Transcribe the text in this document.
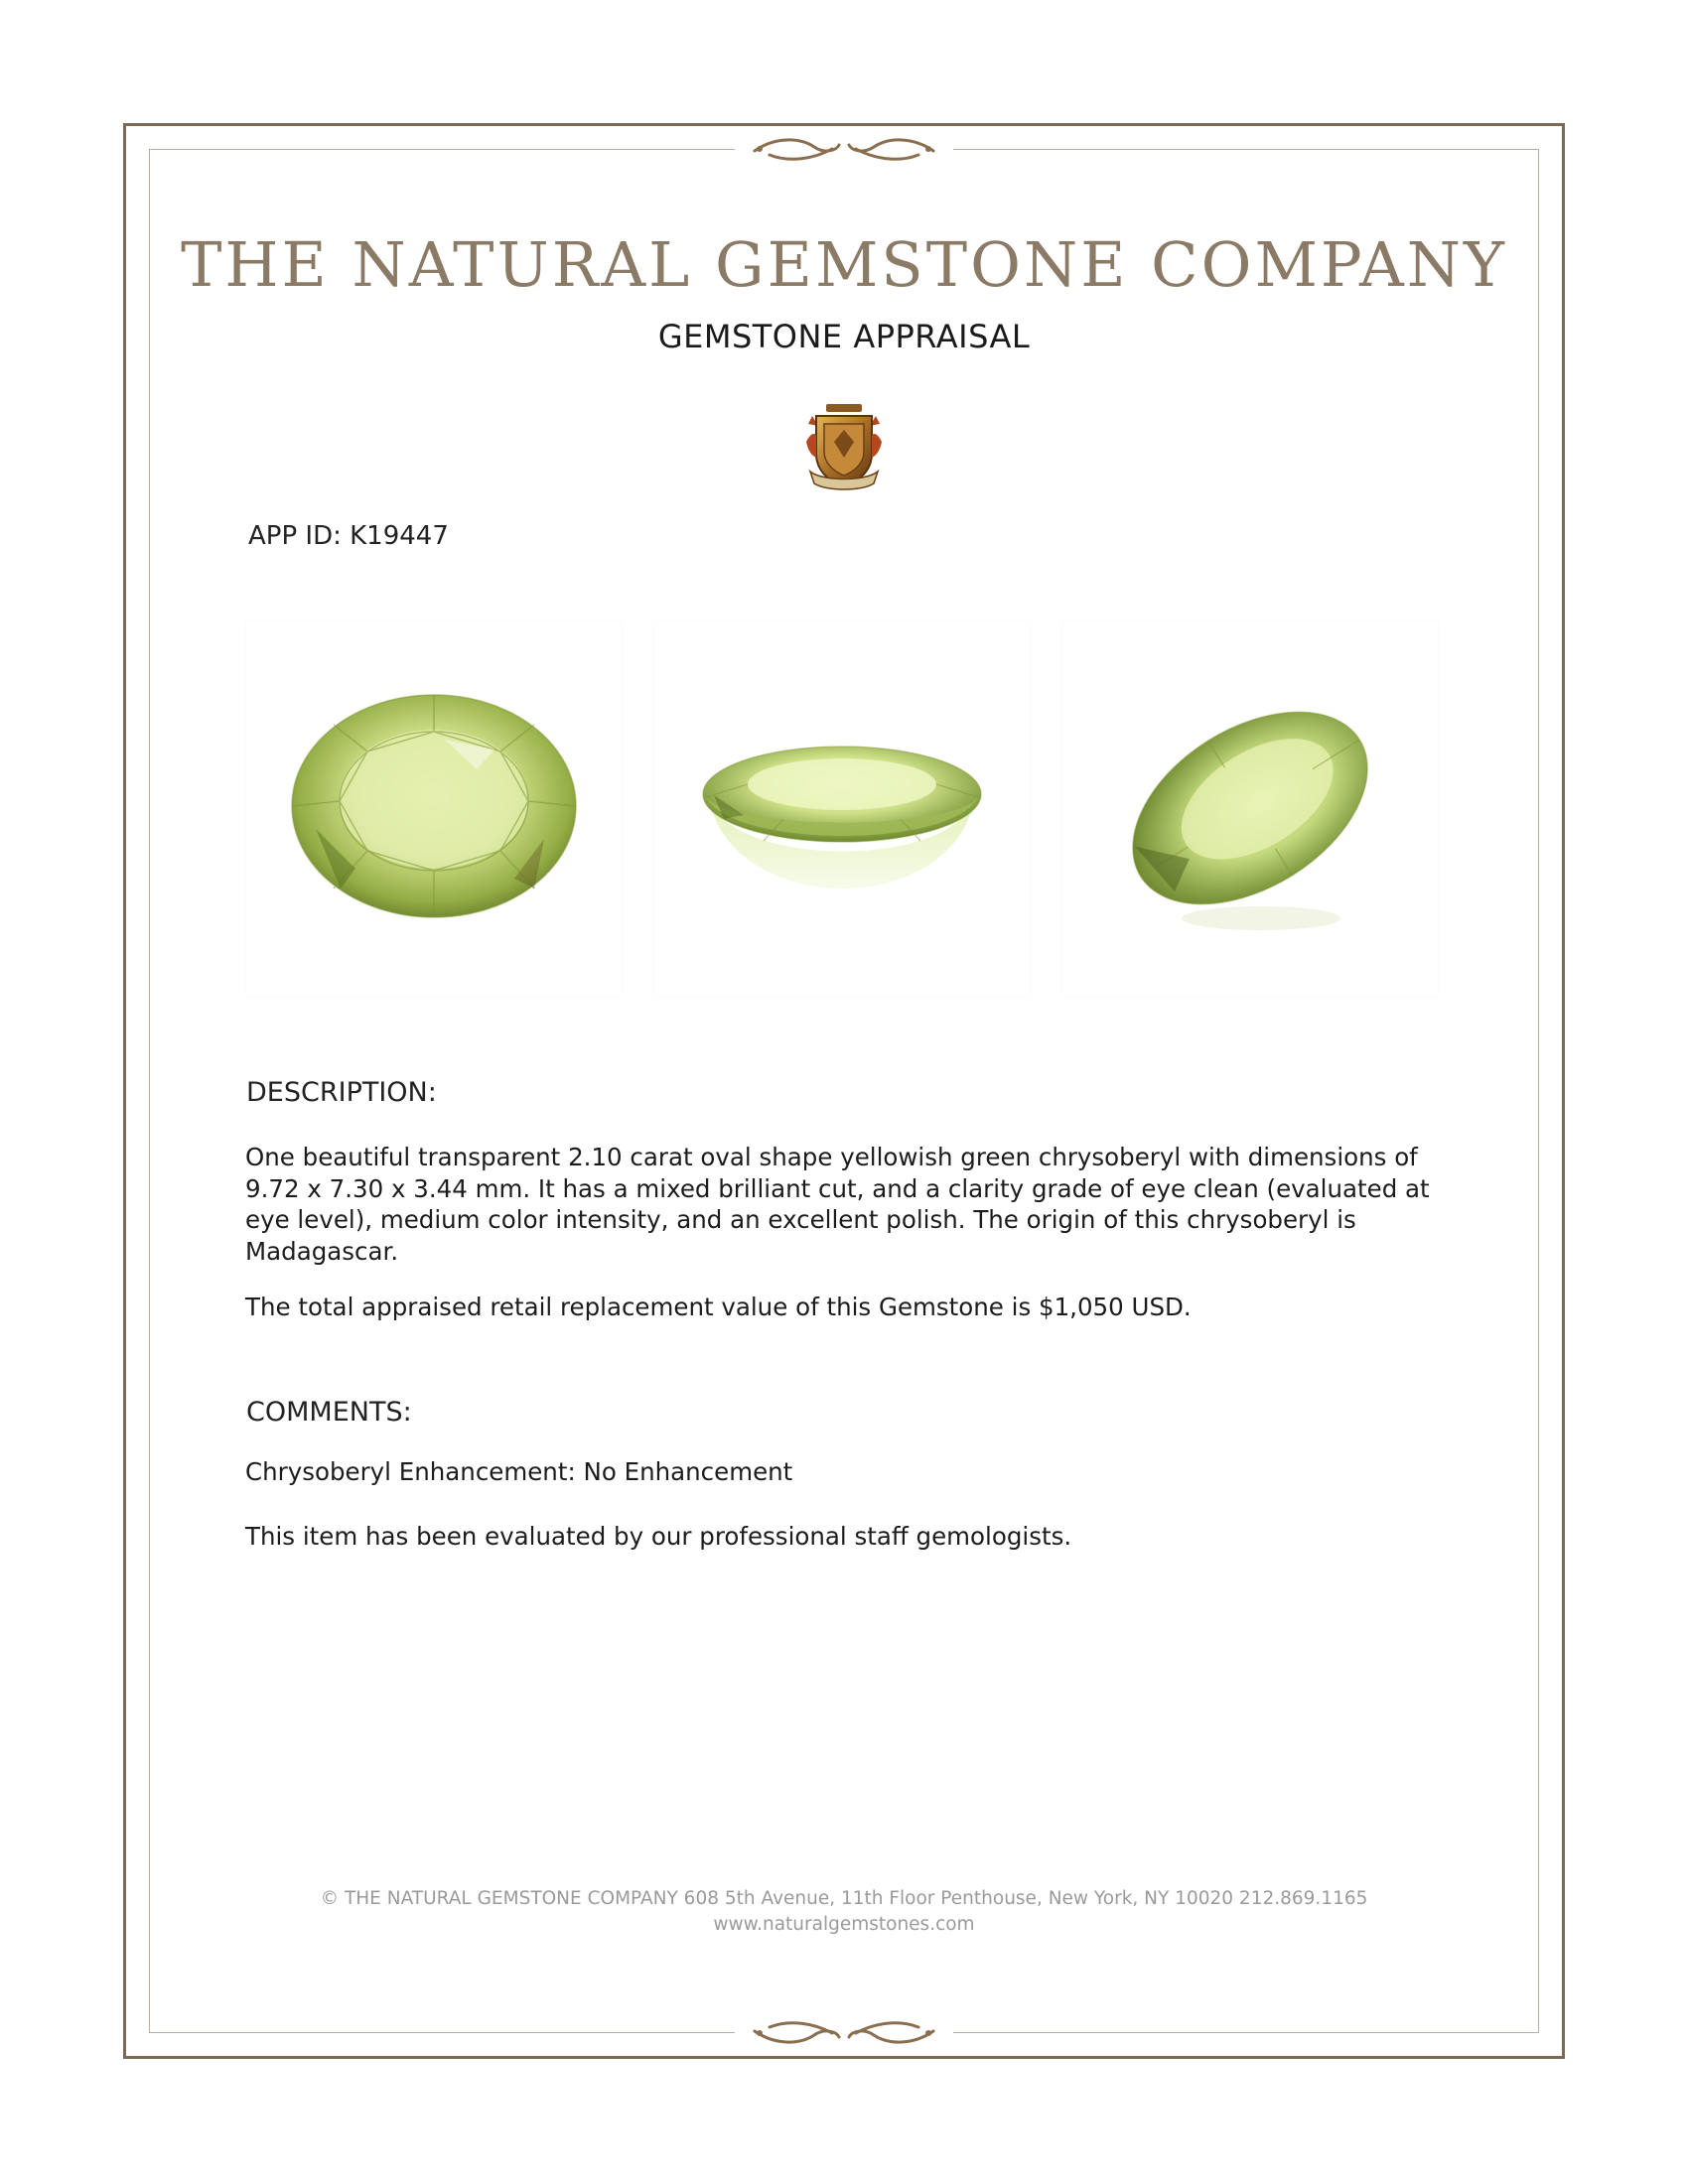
THE NATURAL GEMSTONE COMPANY
GEMSTONE APPRAISAL
APP ID: K19447
DESCRIPTION:
One beautiful transparent 2.10 carat oval shape yellowish green chrysoberyl with dimensions of 9.72 x 7.30 x 3.44 mm. It has a mixed brilliant cut, and a clarity grade of eye clean (evaluated at eye level), medium color intensity, and an excellent polish. The origin of this chrysoberyl is Madagascar.
The total appraised retail replacement value of this Gemstone is $1,050 USD.
COMMENTS:
Chrysoberyl Enhancement: No Enhancement
This item has been evaluated by our professional staff gemologists.
© THE NATURAL GEMSTONE COMPANY 608 5th Avenue, 11th Floor Penthouse, New York, NY 10020 212.869.1165
www.naturalgemstones.com
